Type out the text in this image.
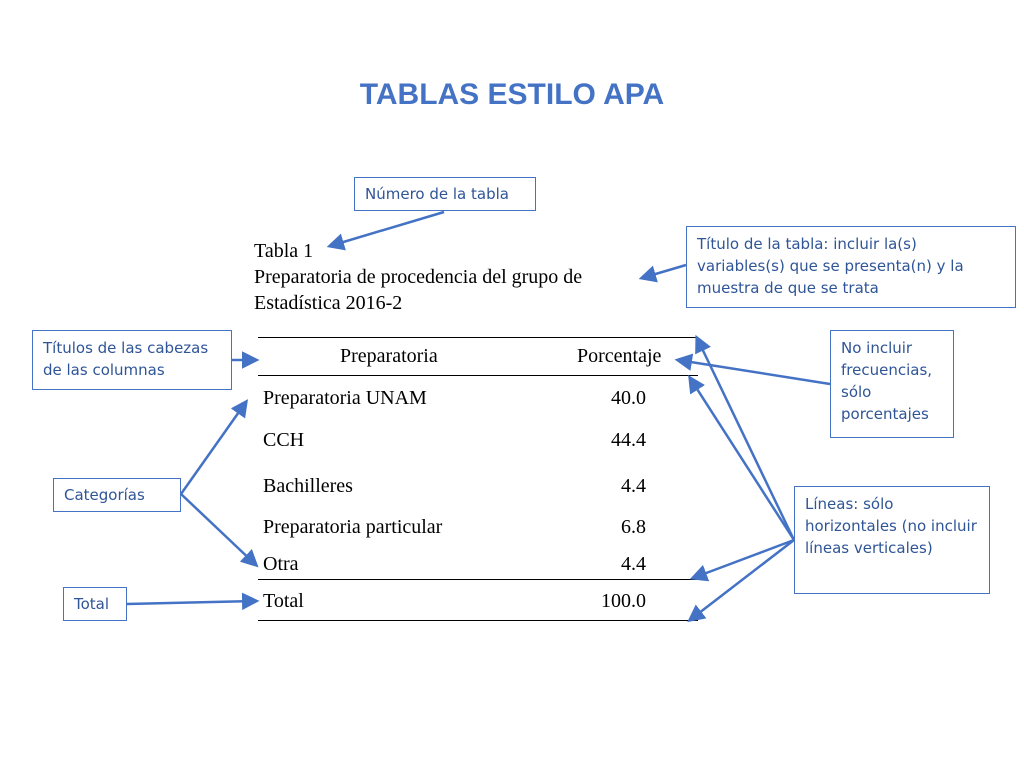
TABLAS ESTILO APA
Número de la tabla
Título de la tabla: incluir la(s) variables(s) que se presenta(n) y la muestra de que se trata
Títulos de las cabezas de las columnas
No incluir frecuencias, sólo porcentajes
Categorías	Líneas: sólo horizontales (no incluir líneas verticales)
Total
Tabla 1
Preparatoria de procedencia del grupo de
Estadística 2016-2
Preparatoria	Porcentaje
Preparatoria UNAM	40.0
CCH	44.4
Bachilleres	4.4
Preparatoria particular	6.8
Otra	4.4
Total	100.0
